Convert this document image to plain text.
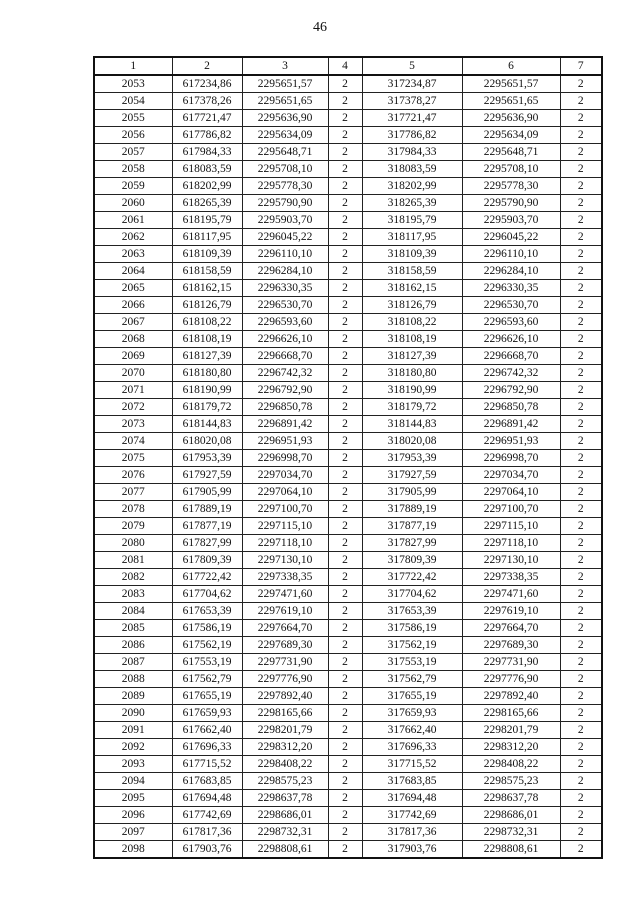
46
1	2	3	4	5	6	7
2053	617234,86	2295651,57	2	317234,87	2295651,57	2
2054	617378,26	2295651,65	2	317378,27	2295651,65	2
2055	617721,47	2295636,90	2	317721,47	2295636,90	2
2056	617786,82	2295634,09	2	317786,82	2295634,09	2
2057	617984,33	2295648,71	2	317984,33	2295648,71	2
2058	618083,59	2295708,10	2	318083,59	2295708,10	2
2059	618202,99	2295778,30	2	318202,99	2295778,30	2
2060	618265,39	2295790,90	2	318265,39	2295790,90	2
2061	618195,79	2295903,70	2	318195,79	2295903,70	2
2062	618117,95	2296045,22	2	318117,95	2296045,22	2
2063	618109,39	2296110,10	2	318109,39	2296110,10	2
2064	618158,59	2296284,10	2	318158,59	2296284,10	2
2065	618162,15	2296330,35	2	318162,15	2296330,35	2
2066	618126,79	2296530,70	2	318126,79	2296530,70	2
2067	618108,22	2296593,60	2	318108,22	2296593,60	2
2068	618108,19	2296626,10	2	318108,19	2296626,10	2
2069	618127,39	2296668,70	2	318127,39	2296668,70	2
2070	618180,80	2296742,32	2	318180,80	2296742,32	2
2071	618190,99	2296792,90	2	318190,99	2296792,90	2
2072	618179,72	2296850,78	2	318179,72	2296850,78	2
2073	618144,83	2296891,42	2	318144,83	2296891,42	2
2074	618020,08	2296951,93	2	318020,08	2296951,93	2
2075	617953,39	2296998,70	2	317953,39	2296998,70	2
2076	617927,59	2297034,70	2	317927,59	2297034,70	2
2077	617905,99	2297064,10	2	317905,99	2297064,10	2
2078	617889,19	2297100,70	2	317889,19	2297100,70	2
2079	617877,19	2297115,10	2	317877,19	2297115,10	2
2080	617827,99	2297118,10	2	317827,99	2297118,10	2
2081	617809,39	2297130,10	2	317809,39	2297130,10	2
2082	617722,42	2297338,35	2	317722,42	2297338,35	2
2083	617704,62	2297471,60	2	317704,62	2297471,60	2
2084	617653,39	2297619,10	2	317653,39	2297619,10	2
2085	617586,19	2297664,70	2	317586,19	2297664,70	2
2086	617562,19	2297689,30	2	317562,19	2297689,30	2
2087	617553,19	2297731,90	2	317553,19	2297731,90	2
2088	617562,79	2297776,90	2	317562,79	2297776,90	2
2089	617655,19	2297892,40	2	317655,19	2297892,40	2
2090	617659,93	2298165,66	2	317659,93	2298165,66	2
2091	617662,40	2298201,79	2	317662,40	2298201,79	2
2092	617696,33	2298312,20	2	317696,33	2298312,20	2
2093	617715,52	2298408,22	2	317715,52	2298408,22	2
2094	617683,85	2298575,23	2	317683,85	2298575,23	2
2095	617694,48	2298637,78	2	317694,48	2298637,78	2
2096	617742,69	2298686,01	2	317742,69	2298686,01	2
2097	617817,36	2298732,31	2	317817,36	2298732,31	2
2098	617903,76	2298808,61	2	317903,76	2298808,61	2
